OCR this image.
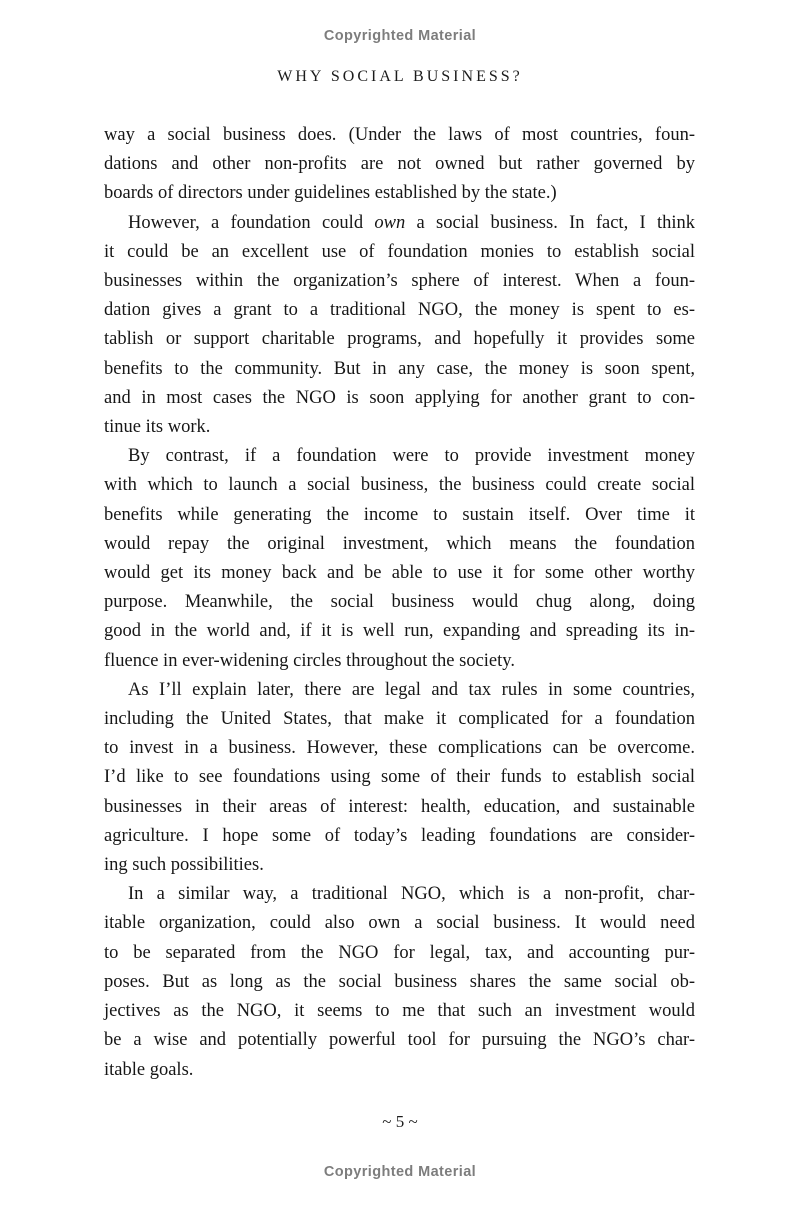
Copyrighted Material
WHY SOCIAL BUSINESS?
way a social business does. (Under the laws of most countries, foun-
dations and other non-profits are not owned but rather governed by
boards of directors under guidelines established by the state.)
However, a foundation could own a social business. In fact, I think
it could be an excellent use of foundation monies to establish social
businesses within the organization’s sphere of interest. When a foun-
dation gives a grant to a traditional NGO, the money is spent to es-
tablish or support charitable programs, and hopefully it provides some
benefits to the community. But in any case, the money is soon spent,
and in most cases the NGO is soon applying for another grant to con-
tinue its work.
By contrast, if a foundation were to provide investment money
with which to launch a social business, the business could create social
benefits while generating the income to sustain itself. Over time it
would repay the original investment, which means the foundation
would get its money back and be able to use it for some other worthy
purpose. Meanwhile, the social business would chug along, doing
good in the world and, if it is well run, expanding and spreading its in-
fluence in ever-widening circles throughout the society.
As I’ll explain later, there are legal and tax rules in some countries,
including the United States, that make it complicated for a foundation
to invest in a business. However, these complications can be overcome.
I’d like to see foundations using some of their funds to establish social
businesses in their areas of interest: health, education, and sustainable
agriculture. I hope some of today’s leading foundations are consider-
ing such possibilities.
In a similar way, a traditional NGO, which is a non-profit, char-
itable organization, could also own a social business. It would need
to be separated from the NGO for legal, tax, and accounting pur-
poses. But as long as the social business shares the same social ob-
jectives as the NGO, it seems to me that such an investment would
be a wise and potentially powerful tool for pursuing the NGO’s char-
itable goals.
~ 5 ~
Copyrighted Material
